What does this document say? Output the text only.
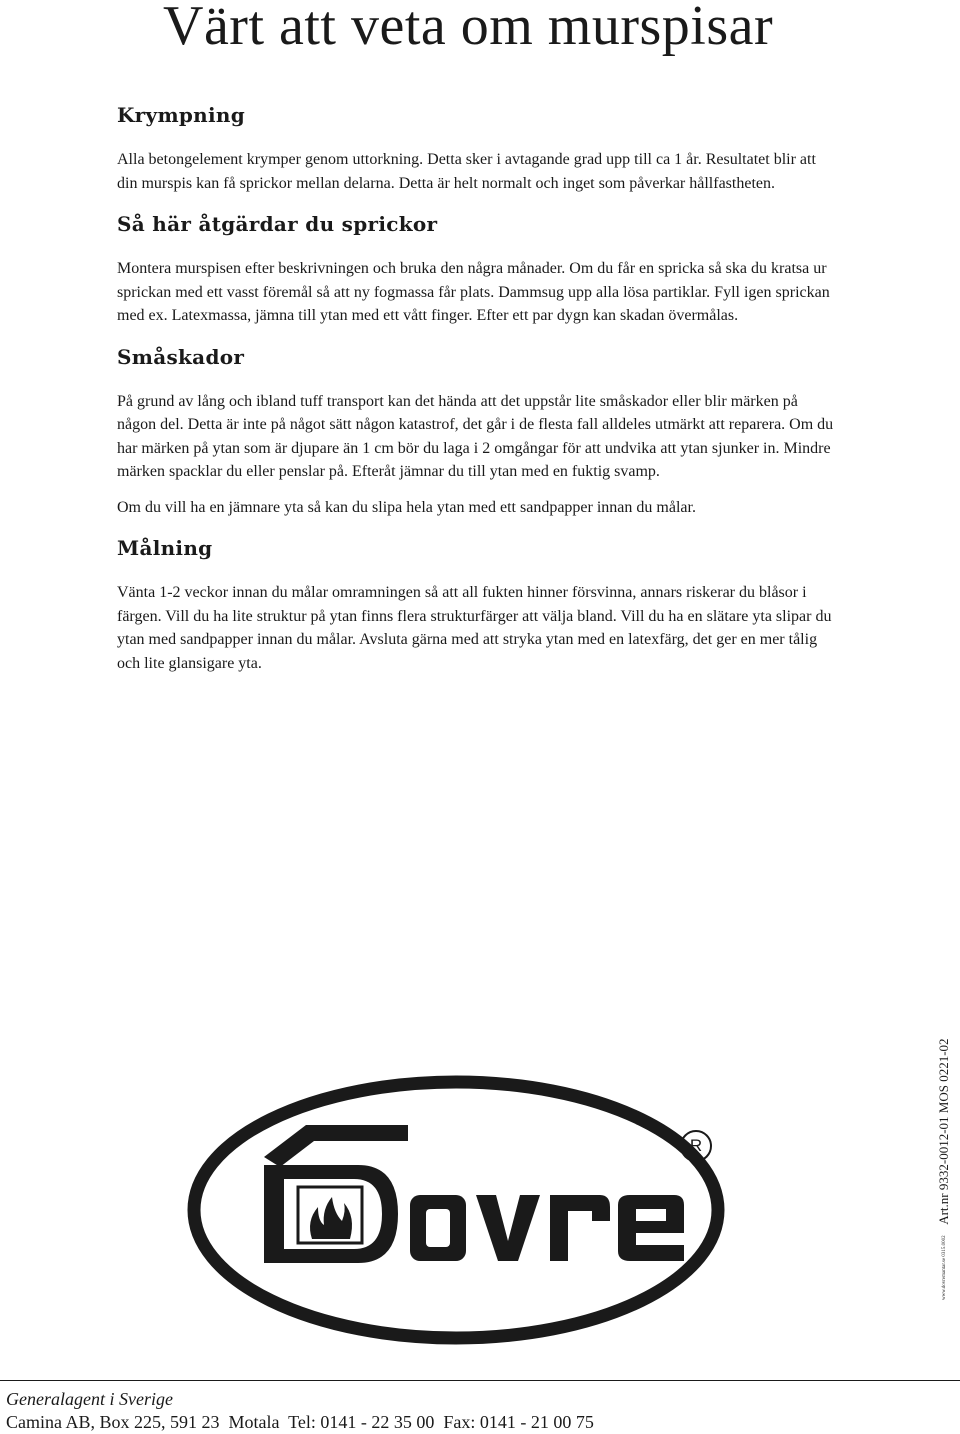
Värt att veta om murspisar
Krympning

Alla betongelement krymper genom uttorkning. Detta sker i avtagande grad upp till ca 1 år. Resultatet blir att din murspis kan få sprickor mellan delarna. Detta är helt normalt och inget som påverkar hållfastheten.

Så här åtgärdar du sprickor

Montera murspisen efter beskrivningen och bruka den några månader. Om du får en spricka så ska du kratsa ur sprickan med ett vasst föremål så att ny fogmassa får plats. Dammsug upp alla lösa partiklar. Fyll igen sprickan med ex. Latexmassa, jämna till ytan med ett vått finger. Efter ett par dygn kan skadan övermålas.

Småskador

På grund av lång och ibland tuff transport kan det hända att det uppstår lite småskador eller blir märken på någon del. Detta är inte på något sätt någon katastrof, det går i de flesta fall alldeles utmärkt att reparera. Om du har märken på ytan som är djupare än 1 cm bör du laga i 2 omgångar för att undvika att ytan sjunker in. Mindre märken spacklar du eller penslar på. Efteråt jämnar du till ytan med en fuktig svamp.

Om du vill ha en jämnare yta så kan du slipa hela ytan med ett sandpapper innan du målar.

Målning

Vänta 1-2 veckor innan du målar omramningen så att all fukten hinner försvinna, annars riskerar du blåsor i färgen. Vill du ha lite struktur på ytan finns flera strukturfärger att välja bland. Vill du ha en slätare yta slipar du ytan med sandpapper innan du målar. Avsluta gärna med att stryka ytan med en latexfärg, det ger en mer tålig och lite glansigare yta.

R
www.dovremantar.se 0315.0002 Art.nr 9332-0012-01 MOS 0221-02

Generalagent i Sverige

Camina AB, Box 225, 591 23  Motala  Tel: 0141 - 22 35 00  Fax: 0141 - 21 00 75
